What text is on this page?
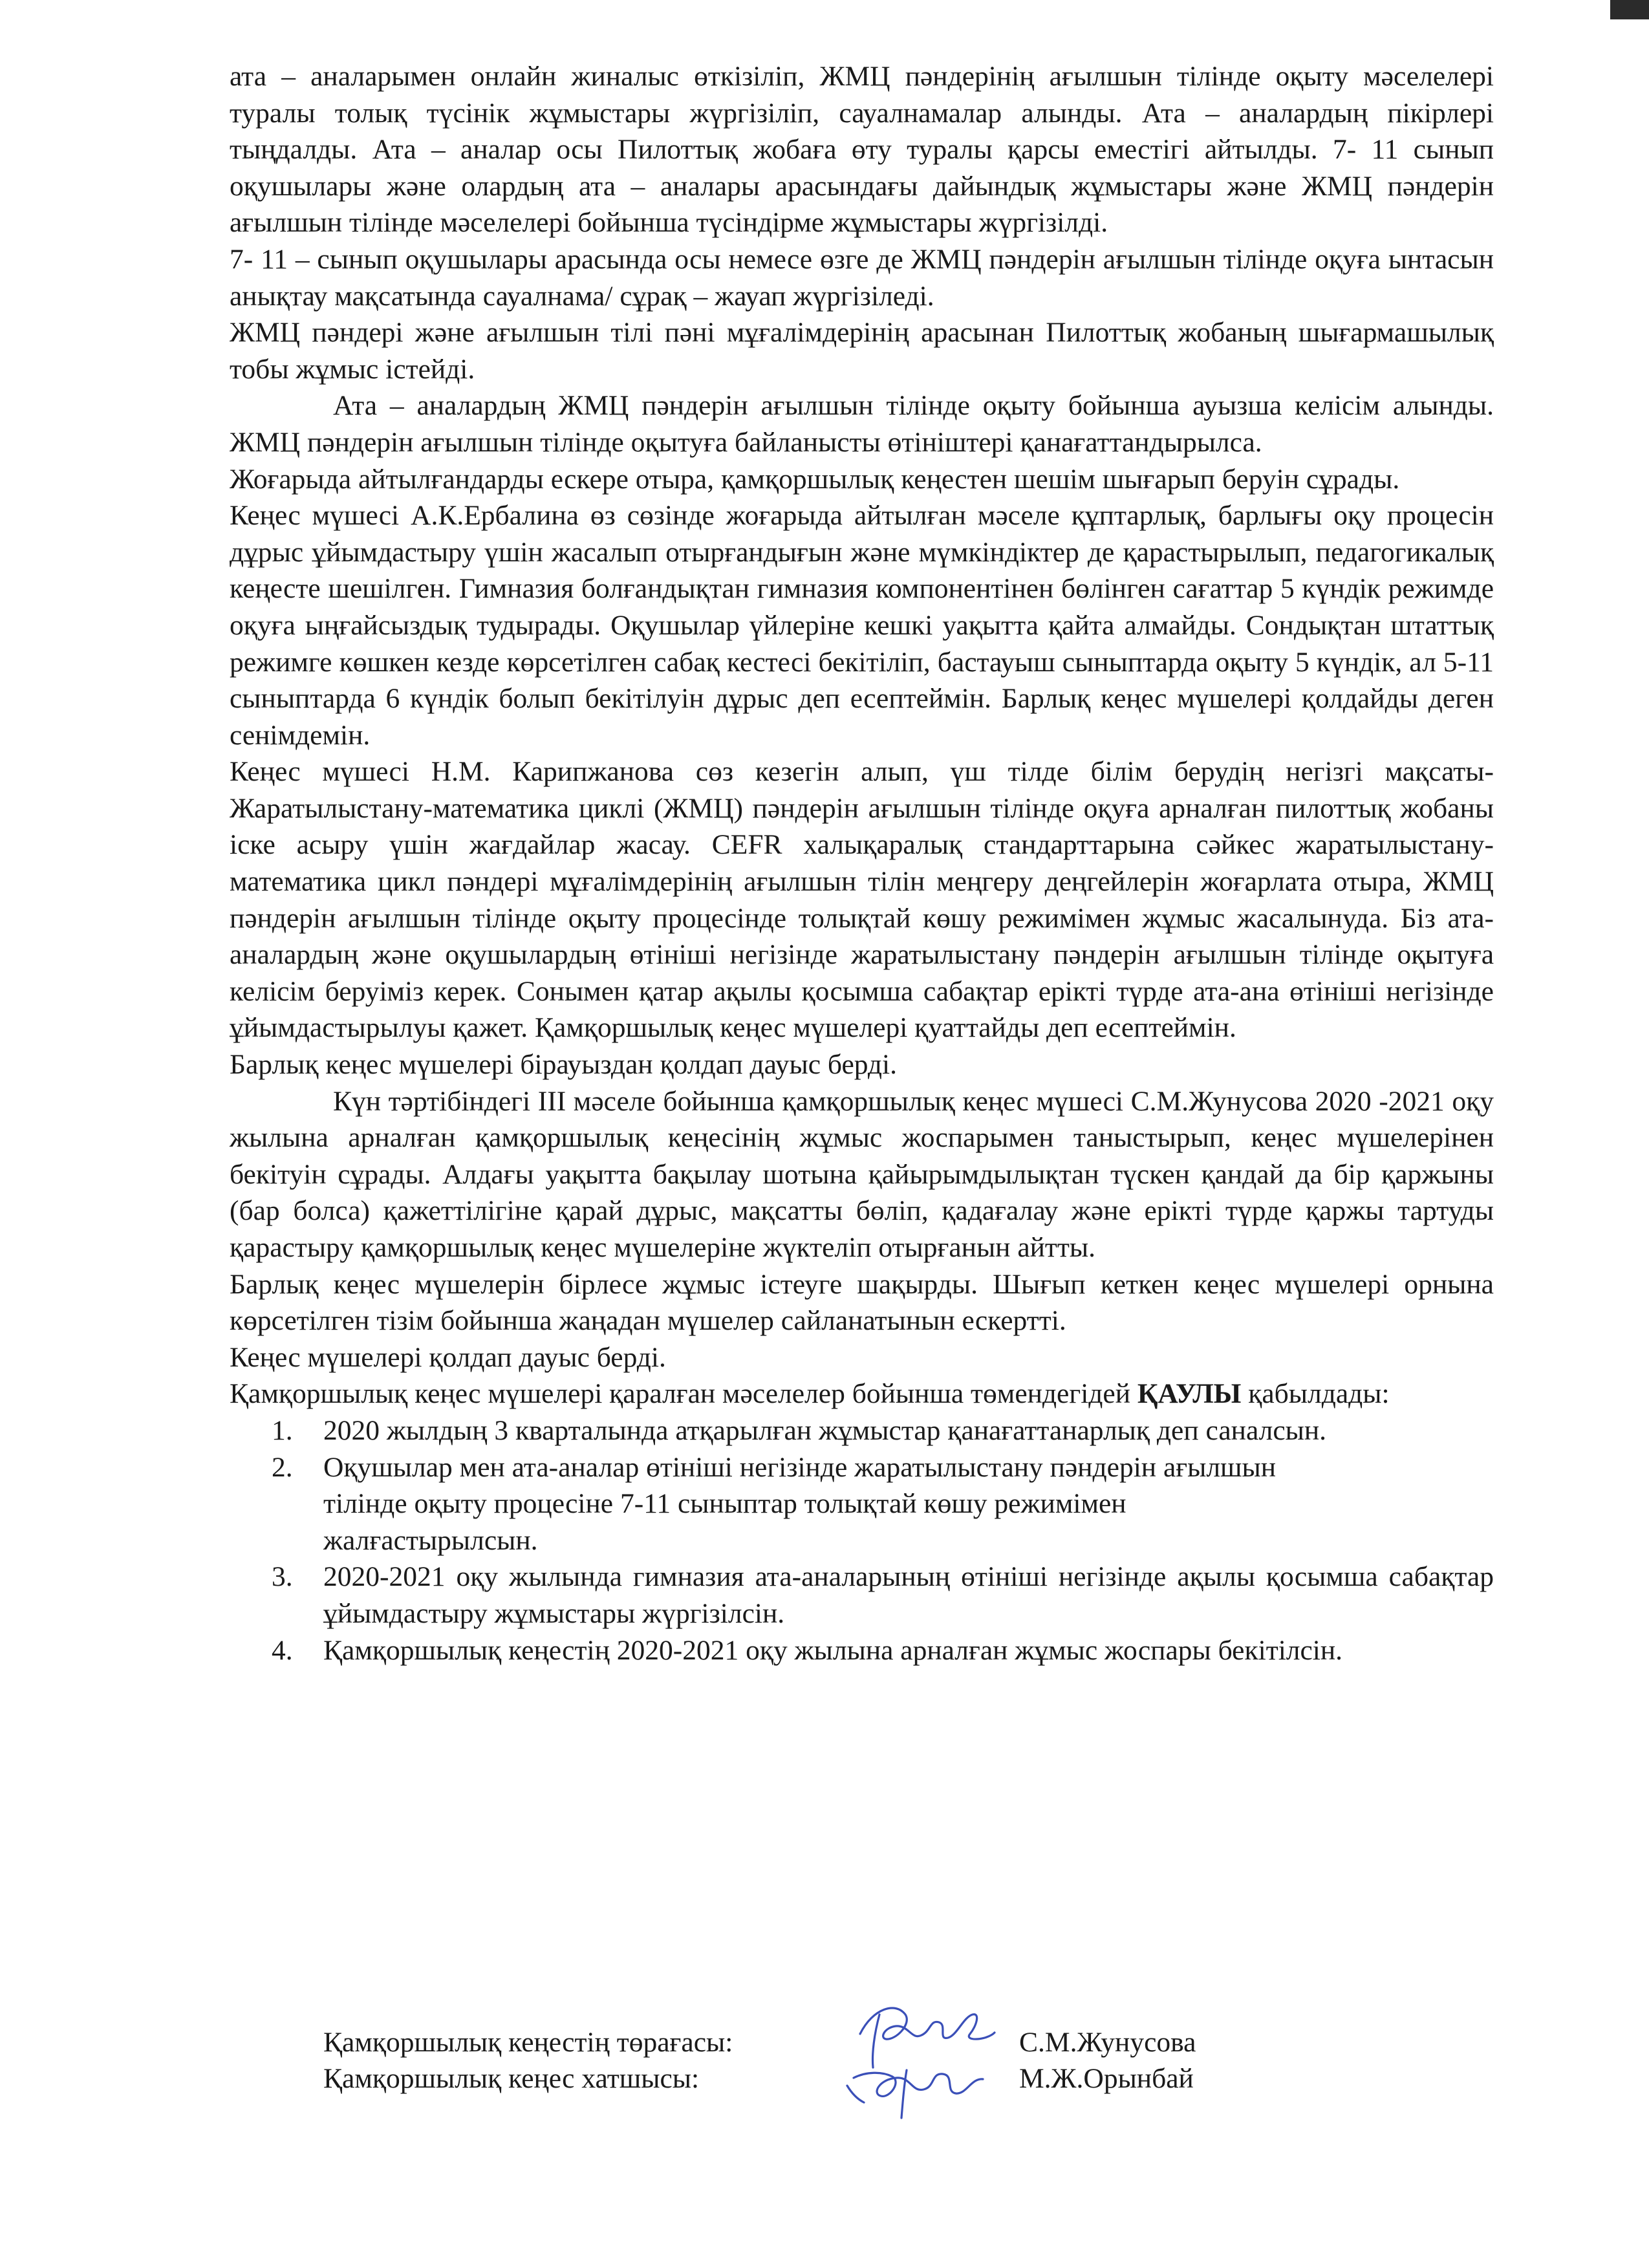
ата – аналарымен онлайн жиналыс өткізіліп, ЖМЦ пәндерінің ағылшын тілінде оқыту мәселелері туралы толық түсінік жұмыстары жүргізіліп, сауалнамалар алынды. Ата – аналардың пікірлері тыңдалды. Ата – аналар осы Пилоттық жобаға өту туралы қарсы еместігі айтылды. 7- 11 сынып оқушылары және олардың ата – аналары арасындағы дайындық жұмыстары және ЖМЦ пәндерін ағылшын тілінде мәселелері бойынша түсіндірме жұмыстары жүргізілді.

7- 11 – сынып оқушылары арасында осы немесе өзге де ЖМЦ пәндерін ағылшын тілінде оқуға ынтасын анықтау мақсатында сауалнама/ сұрақ – жауап жүргізіледі.

ЖМЦ пәндері және ағылшын тілі пәні мұғалімдерінің арасынан Пилоттық жобаның шығармашылық тобы жұмыс істейді.

Ата – аналардың ЖМЦ пәндерін ағылшын тілінде оқыту бойынша ауызша келісім алынды. ЖМЦ пәндерін ағылшын тілінде оқытуға байланысты өтініштері қанағаттандырылса.

Жоғарыда айтылғандарды ескере отыра, қамқоршылық кеңестен шешім шығарып беруін сұрады.

Кеңес мүшесі А.К.Ербалина өз сөзінде жоғарыда айтылған мәселе құптарлық, барлығы оқу процесін дұрыс ұйымдастыру үшін жасалып отырғандығын және мүмкіндіктер де қарастырылып, педагогикалық кеңесте шешілген. Гимназия болғандықтан гимназия компонентінен бөлінген сағаттар 5 күндік режимде оқуға ыңғайсыздық тудырады. Оқушылар үйлеріне кешкі уақытта қайта алмайды. Сондықтан штаттық режимге көшкен кезде көрсетілген сабақ кестесі бекітіліп, бастауыш сыныптарда оқыту 5 күндік, ал 5-11 сыныптарда 6 күндік болып бекітілуін дұрыс деп есептеймін. Барлық кеңес мүшелері қолдайды деген сенімдемін.

Кеңес мүшесі Н.М. Карипжанова сөз кезегін алып, үш тілде білім берудің негізгі мақсаты- Жаратылыстану-математика циклі (ЖМЦ) пәндерін ағылшын тілінде оқуға арналған пилоттық жобаны іске асыру үшін жағдайлар жасау. CEFR халықаралық стандарттарына сәйкес жаратылыстану-математика цикл пәндері мұғалімдерінің ағылшын тілін меңгеру деңгейлерін жоғарлата отыра, ЖМЦ пәндерін ағылшын тілінде оқыту процесінде толықтай көшу режимімен жұмыс жасалынуда. Біз ата-аналардың және оқушылардың өтініші негізінде жаратылыстану пәндерін ағылшын тілінде оқытуға келісім беруіміз керек. Сонымен қатар ақылы қосымша сабақтар ерікті түрде ата-ана өтініші негізінде ұйымдастырылуы қажет. Қамқоршылық кеңес мүшелері қуаттайды деп есептеймін.

Барлық кеңес мүшелері бірауыздан қолдап дауыс берді.

Күн тәртібіндегі ІІІ мәселе бойынша қамқоршылық кеңес мүшесі С.М.Жунусова 2020 -2021 оқу жылына арналған қамқоршылық кеңесінің жұмыс жоспарымен таныстырып, кеңес мүшелерінен бекітуін сұрады. Алдағы уақытта бақылау шотына қайырымдылықтан түскен қандай да бір қаржыны (бар болса) қажеттілігіне қарай дұрыс, мақсатты бөліп, қадағалау және ерікті түрде қаржы тартуды қарастыру қамқоршылық кеңес мүшелеріне жүктеліп отырғанын айтты.

Барлық кеңес мүшелерін бірлесе жұмыс істеуге шақырды. Шығып кеткен кеңес мүшелері орнына көрсетілген тізім бойынша жаңадан мүшелер сайланатынын ескертті.

Кеңес мүшелері қолдап дауыс берді.

Қамқоршылық кеңес мүшелері қаралған мәселелер бойынша төмендегідей ҚАУЛЫ қабылдады:

1. 2020 жылдың 3 кварталында атқарылған жұмыстар қанағаттанарлық деп саналсын.
2. Оқушылар мен ата-аналар өтініші негізінде жаратылыстану пәндерін ағылшын тілінде оқыту процесіне 7-11 сыныптар толықтай көшу режимімен жалғастырылсын.
3. 2020-2021 оқу жылында гимназия ата-аналарының өтініші негізінде ақылы қосымша сабақтар ұйымдастыру жұмыстары жүргізілсін.
4. Қамқоршылық кеңестің 2020-2021 оқу жылына арналған жұмыс жоспары бекітілсін.
Қамқоршылық кеңестің төрағасы:	С.М.Жунусова
Қамқоршылық кеңес хатшысы:	М.Ж.Орынбай
